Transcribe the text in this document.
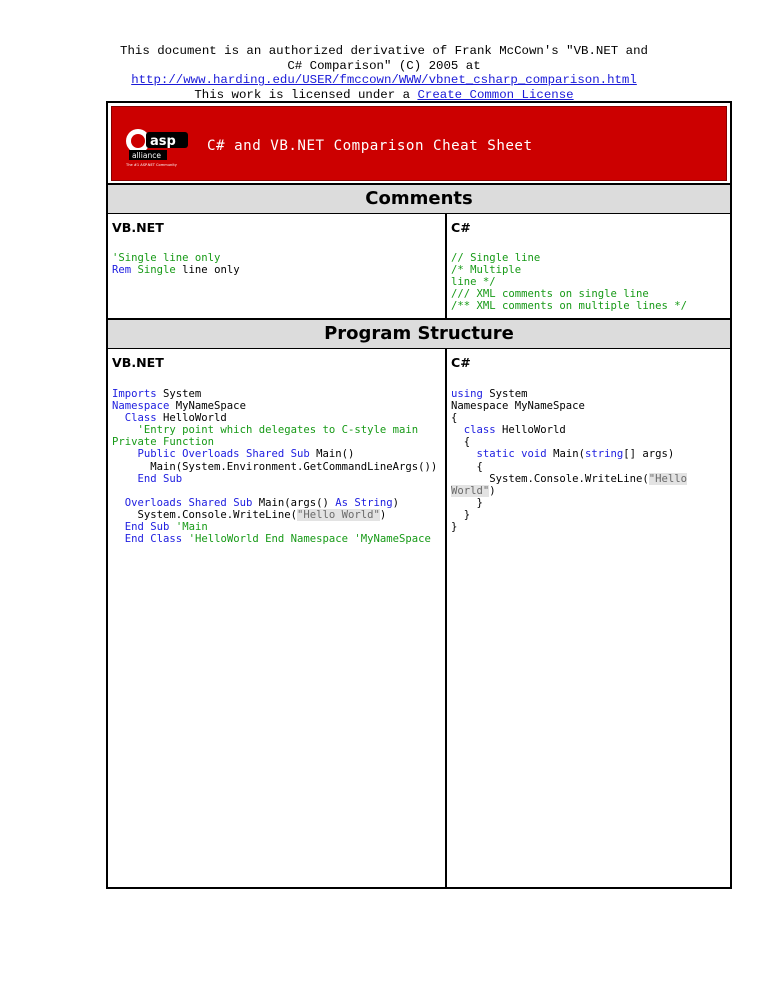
This document is an authorized derivative of Frank McCown's "VB.NET and
C# Comparison" (C) 2005 at
http://www.harding.edu/USER/fmccown/WWW/vbnet_csharp_comparison.html
This work is licensed under a Create Common License
asp
alliance
The #1 ASP.NET Community
C# and VB.NET Comparison Cheat Sheet
Comments
VB.NET	C#
'Single line only
Rem Single line only
// Single line
/* Multiple
line */
/// XML comments on single line
/** XML comments on multiple lines */
Program Structure
VB.NET	C#
Imports System
Namespace MyNameSpace
Class HelloWorld
'Entry point which delegates to C-style main
Private Function
Public Overloads Shared Sub Main()
Main(System.Environment.GetCommandLineArgs())
End Sub

Overloads Shared Sub Main(args() As String)
System.Console.WriteLine("Hello World")
End Sub 'Main
End Class 'HelloWorld End Namespace 'MyNameSpace
using System
Namespace MyNameSpace
{
class HelloWorld
{
static void Main(string[] args)
{
System.Console.WriteLine("Hello
World")
}
}
}
